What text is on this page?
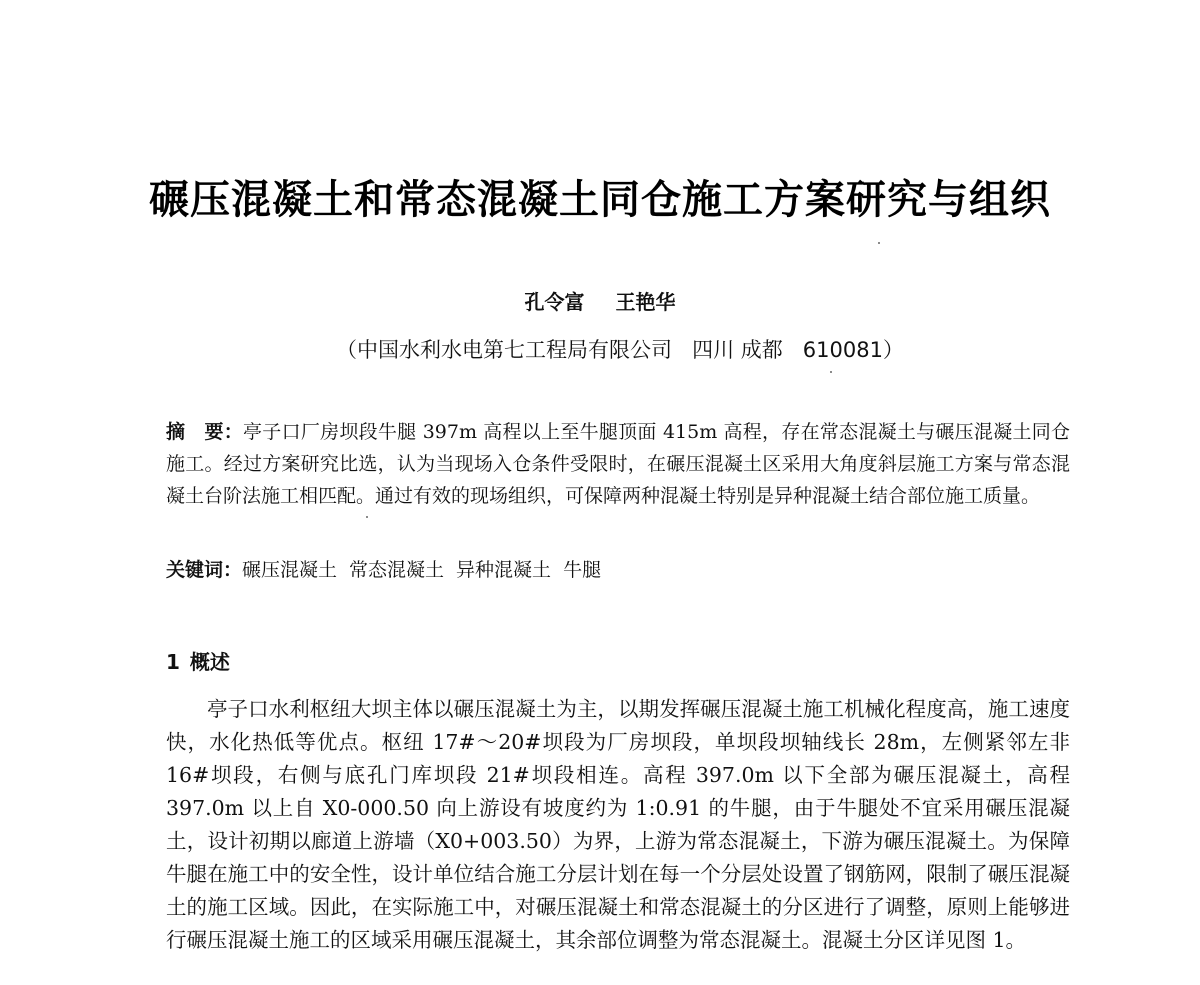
碾压混凝土和常态混凝土同仓施工方案研究与组织
孔令富 王艳华
（中国水利水电第七工程局有限公司   四川 成都   610081）

摘　要：亭子口厂房坝段牛腿 397m 高程以上至牛腿顶面 415m 高程，存在常态混凝土与碾压混凝土同仓施工。经过方案研究比选，认为当现场入仓条件受限时，在碾压混凝土区采用大角度斜层施工方案与常态混凝土台阶法施工相匹配。通过有效的现场组织，可保障两种混凝土特别是异种混凝土结合部位施工质量。

关键词：碾压混凝土 常态混凝土 异种混凝土 牛腿

1 概述

亭子口水利枢纽大坝主体以碾压混凝土为主，以期发挥碾压混凝土施工机械化程度高，施工速度快，水化热低等优点。枢纽 17#～20#坝段为厂房坝段，单坝段坝轴线长 28m，左侧紧邻左非 16#坝段，右侧与底孔门库坝段 21#坝段相连。高程 397.0m 以下全部为碾压混凝土，高程 397.0m 以上自 X0-000.50 向上游设有坡度约为 1:0.91 的牛腿，由于牛腿处不宜采用碾压混凝土，设计初期以廊道上游墙（X0+003.50）为界，上游为常态混凝土，下游为碾压混凝土。为保障牛腿在施工中的安全性，设计单位结合施工分层计划在每一个分层处设置了钢筋网，限制了碾压混凝土的施工区域。因此，在实际施工中，对碾压混凝土和常态混凝土的分区进行了调整，原则上能够进行碾压混凝土施工的区域采用碾压混凝土，其余部位调整为常态混凝土。混凝土分区详见图 1。
